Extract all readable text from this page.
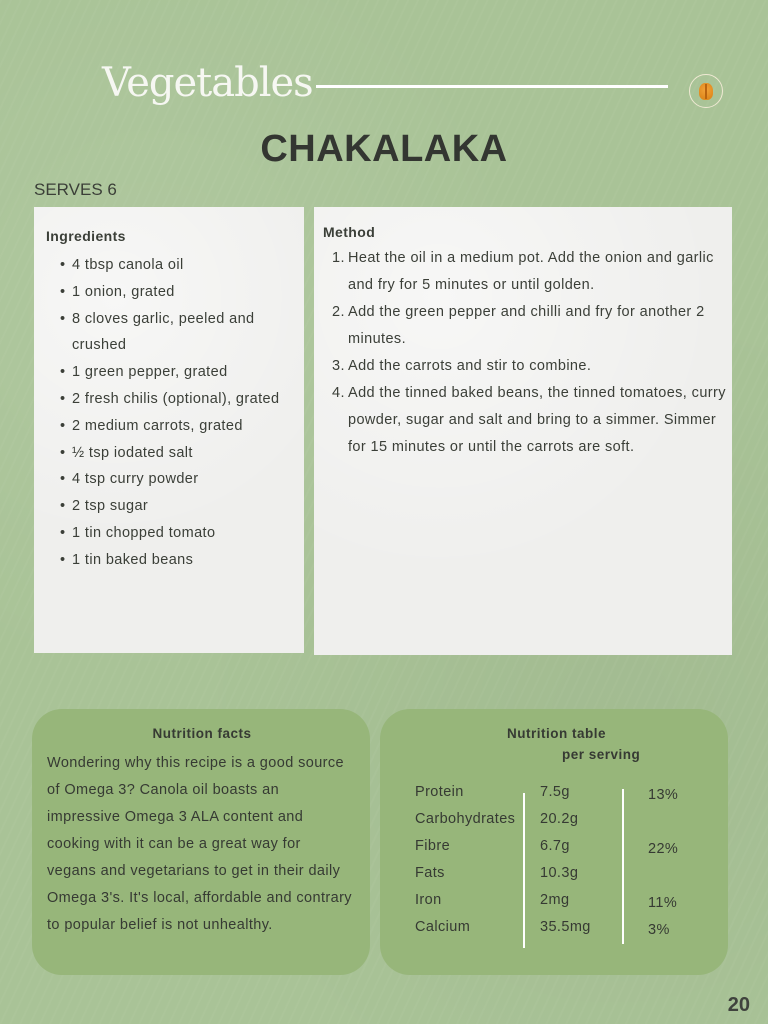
Vegetables
CHAKALAKA
SERVES 6
Ingredients
• 4 tbsp canola oil
• 1 onion, grated
• 8 cloves garlic, peeled and crushed
• 1 green pepper, grated
• 2 fresh chilis (optional), grated
• 2 medium carrots, grated
• ½ tsp iodated salt
• 4 tsp curry powder
• 2 tsp sugar
• 1 tin chopped tomato
• 1 tin baked beans
Method
1. Heat the oil in a medium pot. Add the onion and garlic and fry for 5 minutes or until golden.
2. Add the green pepper and chilli and fry for another 2 minutes.
3. Add the carrots and stir to combine.
4. Add the tinned baked beans, the tinned tomatoes, curry powder, sugar and salt and bring to a simmer. Simmer for 15 minutes or until the carrots are soft.
Nutrition facts

Wondering why this recipe is a good source of Omega 3? Canola oil boasts an impressive Omega 3 ALA content and cooking with it can be a great way for vegans and vegetarians to get in their daily Omega 3's. It's local, affordable and contrary to popular belief is not unhealthy.

Nutrition table
per serving
Protein
Carbohydrates
Fibre
Fats
Iron
Calcium
7.5g
20.2g
6.7g
10.3g
2mg
35.5mg
13%
22%
11%
3%
20
